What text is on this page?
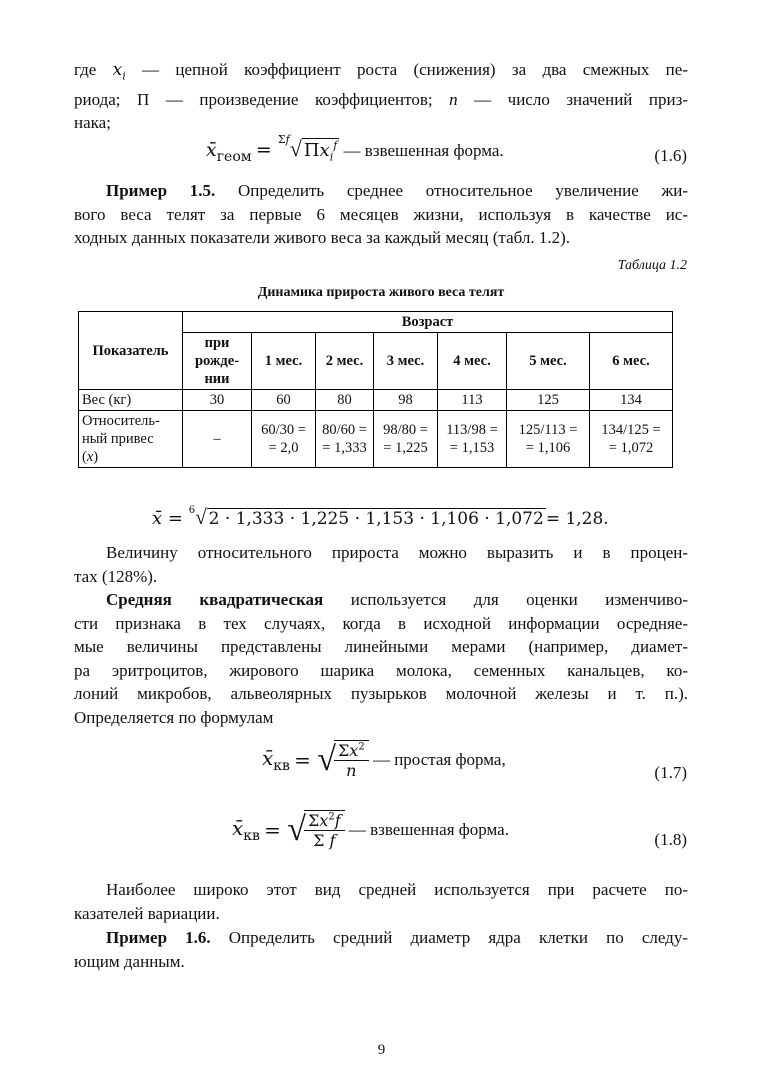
где $x_i$ — цепной коэффициент роста (снижения) за два смежных пе-
риода; П — произведение коэффициентов; n — число значений приз-
нака;
$x̄_{геом} = ^{\Sigma f}√$ $\Pi x_i^f$ — взвешенная форма.	(1.6)
Пример 1.5. Определить среднее относительное увеличение жи-
вого веса телят за первые 6 месяцев жизни, используя в качестве ис-
ходных данных показатели живого веса за каждый месяц (табл. 1.2).
Таблица 1.2
Динамика прироста живого веса телят
Показатель	Возраст						
	при
рожде-
нии	1 мес.	2 мес.	3 мес.	4 мес.	5 мес.	6 мес.
Вес (кг)	30	60	80	98	113	125	134
Относитель-
ный привес
(x)	–	60/30 =
= 2,0	80/60 =
= 1,333	98/80 =
= 1,225	113/98 =
= 1,153	125/113 =
= 1,106	134/125 =
= 1,072
x̄ = $^6$√ 2 · 1,333 · 1,225 · 1,153 · 1,106 · 1,072 = 1,28.
Величину относительного прироста можно выразить и в процен-
тах (128%).
Средняя квадратическая используется для оценки изменчиво-
сти признака в тех случаях, когда в исходной информации осредняе-
мые величины представлены линейными мерами (например, диамет-
ра эритроцитов, жирового шарика молока, семенных канальцев, ко-
лоний микробов, альвеолярных пузырьков молочной железы и т. п.).
Определяется по формулам
$x̄_{кв}$ = √
$\frac{\Sigma x^2}{n}$ — простая форма,
(1.7)
$x̄_{кв}$ = √
$\frac{\Sigma x^2f}{\text{Σ f}}$ — взвешенная форма.
(1.8)
Наиболее широко этот вид средней используется при расчете по-
казателей вариации.
Пример 1.6. Определить средний диаметр ядра клетки по следу-
ющим данным.
9
